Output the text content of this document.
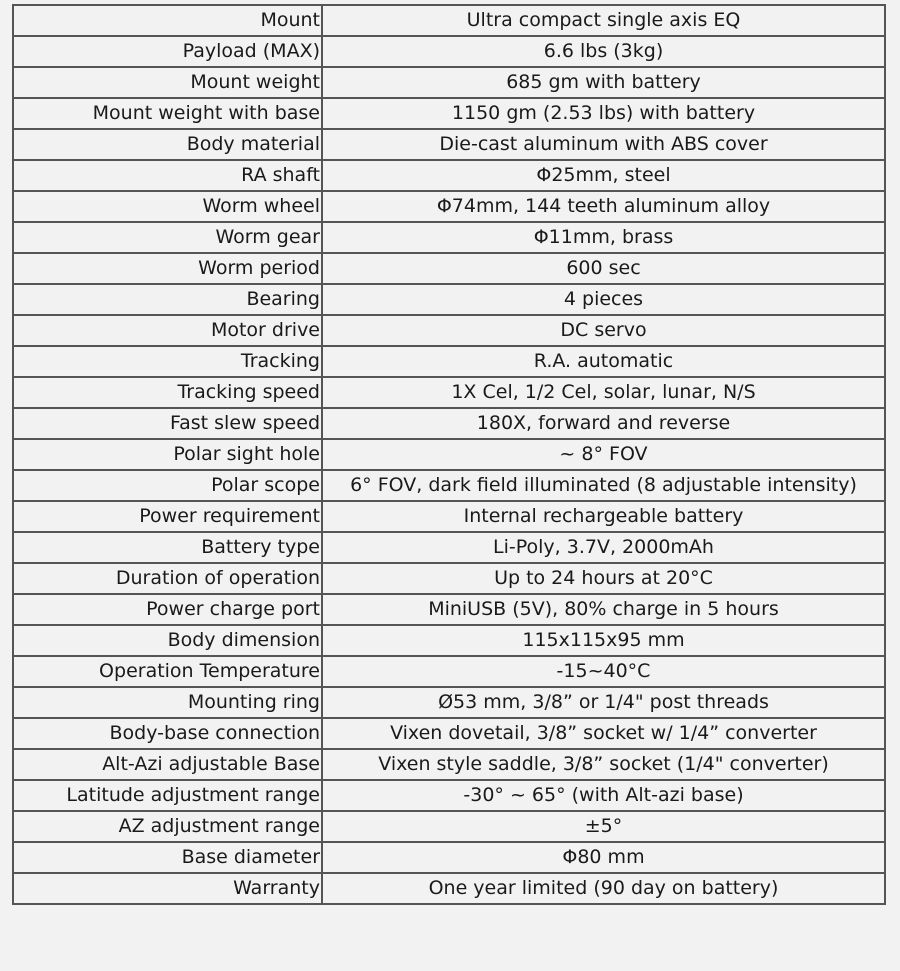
Mount	Ultra compact single axis EQ
Payload (MAX)	6.6 lbs (3kg)
Mount weight	685 gm with battery
Mount weight with base	1150 gm (2.53 lbs) with battery
Body material	Die-cast aluminum with ABS cover
RA shaft	Φ25mm, steel
Worm wheel	Φ74mm, 144 teeth aluminum alloy
Worm gear	Φ11mm, brass
Worm period	600 sec
Bearing	4 pieces
Motor drive	DC servo
Tracking	R.A. automatic
Tracking speed	1X Cel, 1/2 Cel, solar, lunar, N/S
Fast slew speed	180X, forward and reverse
Polar sight hole	~ 8° FOV
Polar scope	6° FOV, dark field illuminated (8 adjustable intensity)
Power requirement	Internal rechargeable battery
Battery type	Li-Poly, 3.7V, 2000mAh
Duration of operation	Up to 24 hours at 20°C
Power charge port	MiniUSB (5V), 80% charge in 5 hours
Body dimension	115x115x95 mm
Operation Temperature	-15~40°C
Mounting ring	Ø53 mm, 3/8” or 1/4" post threads
Body-base connection	Vixen dovetail, 3/8” socket w/ 1/4” converter
Alt-Azi adjustable Base	Vixen style saddle, 3/8” socket (1/4" converter)
Latitude adjustment range	-30° ~ 65° (with Alt-azi base)
AZ adjustment range	±5°
Base diameter	Φ80 mm
Warranty	One year limited (90 day on battery)
